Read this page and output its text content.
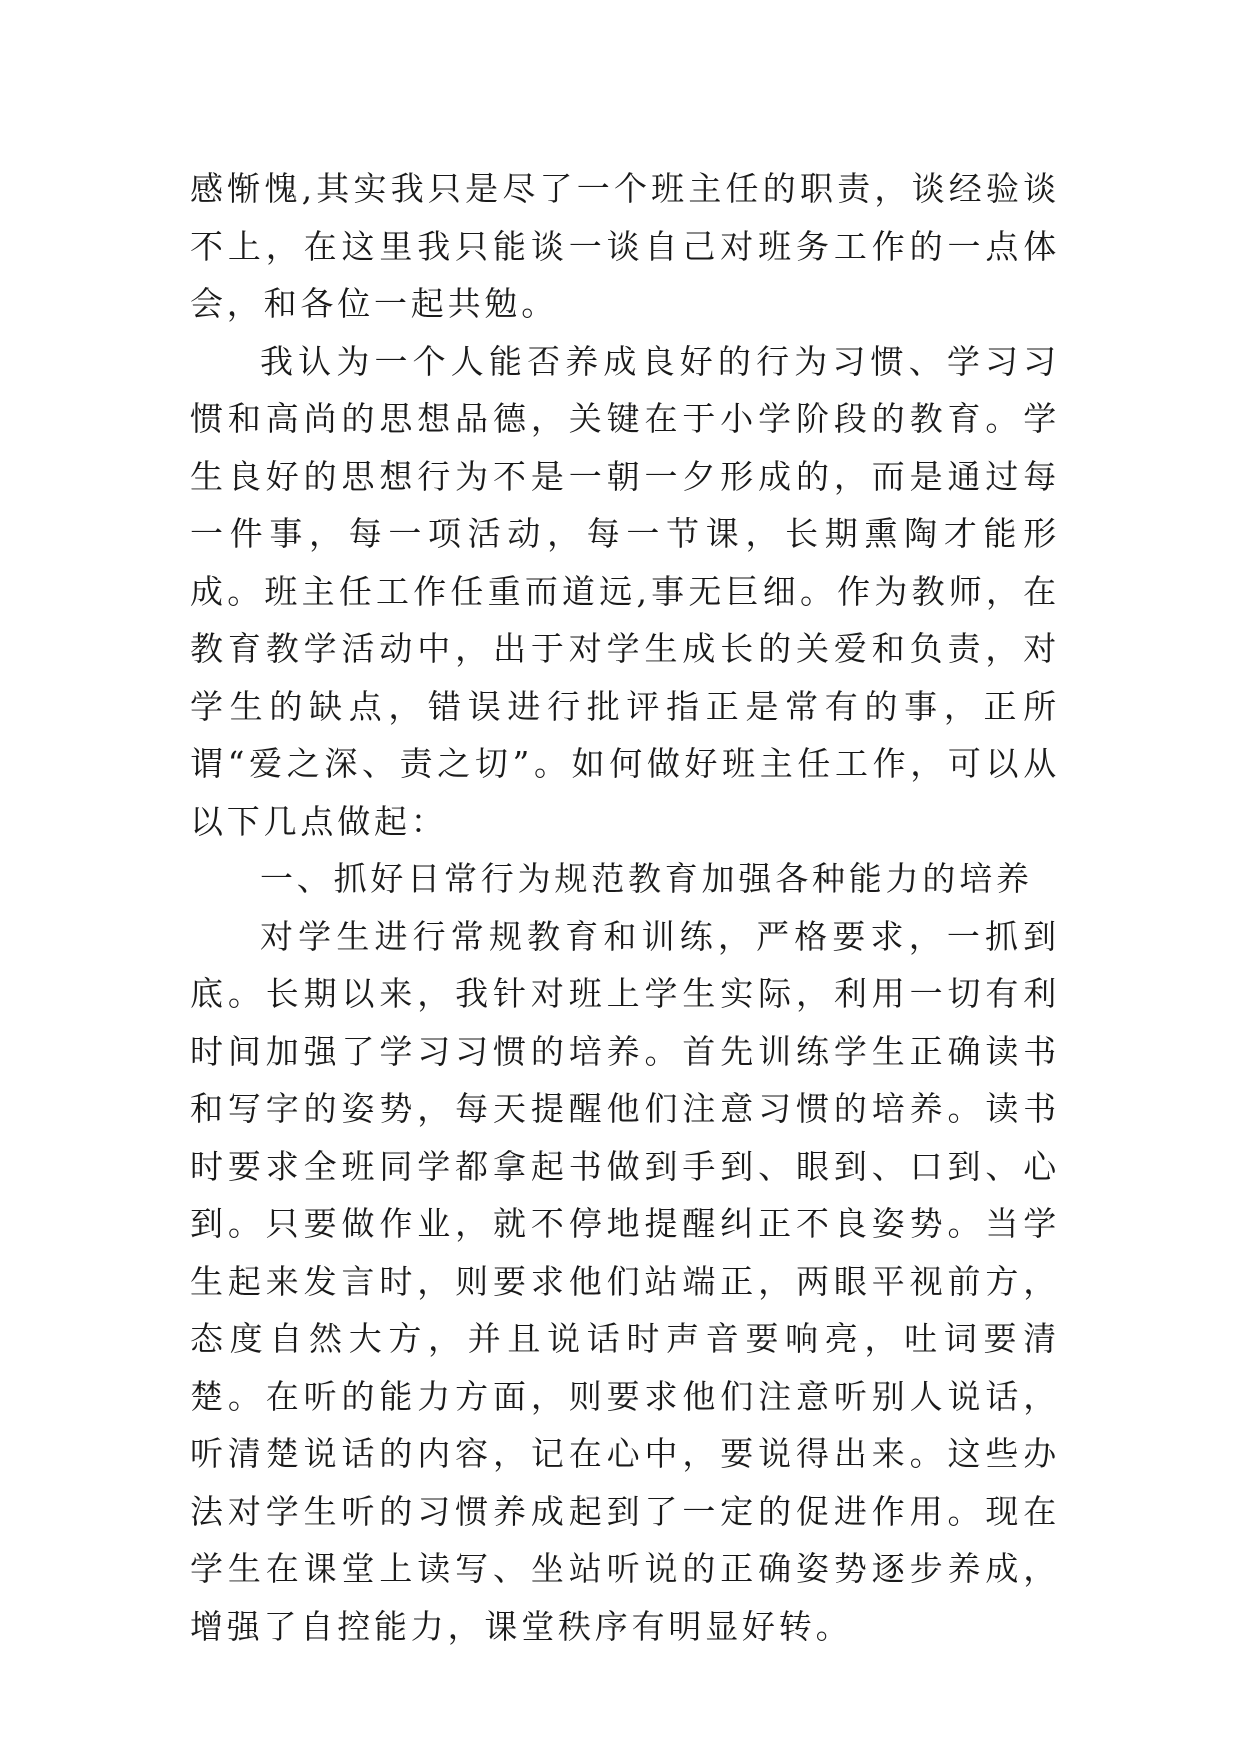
感惭愧,其实我只是尽了一个班主任的职责，谈经验谈不上，在这里我只能谈一谈自己对班务工作的一点体会，和各位一起共勉。

我认为一个人能否养成良好的行为习惯、学习习惯和高尚的思想品德，关键在于小学阶段的教育。学生良好的思想行为不是一朝一夕形成的，而是通过每一件事，每一项活动，每一节课，长期熏陶才能形成。班主任工作任重而道远,事无巨细。作为教师，在教育教学活动中，出于对学生成长的关爱和负责，对学生的缺点，错误进行批评指正是常有的事，正所谓“爱之深、责之切”。如何做好班主任工作，可以从以下几点做起：

一、抓好日常行为规范教育加强各种能力的培养

对学生进行常规教育和训练，严格要求，一抓到底。长期以来，我针对班上学生实际，利用一切有利时间加强了学习习惯的培养。首先训练学生正确读书和写字的姿势，每天提醒他们注意习惯的培养。读书时要求全班同学都拿起书做到手到、眼到、口到、心到。只要做作业，就不停地提醒纠正不良姿势。当学生起来发言时，则要求他们站端正，两眼平视前方，态度自然大方，并且说话时声音要响亮，吐词要清楚。在听的能力方面，则要求他们注意听别人说话，听清楚说话的内容，记在心中，要说得出来。这些办法对学生听的习惯养成起到了一定的促进作用。现在学生在课堂上读写、坐站听说的正确姿势逐步养成，增强了自控能力，课堂秩序有明显好转。
